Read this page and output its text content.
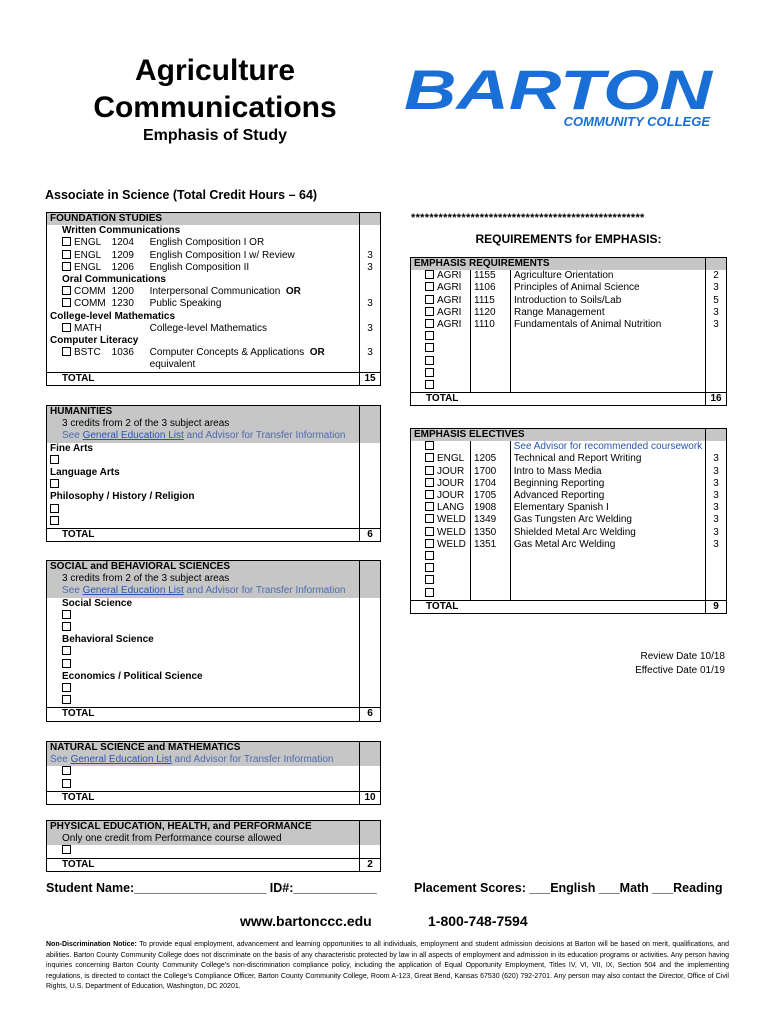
Agriculture
Communications
Emphasis of Study
BARTON
COMMUNITY COLLEGE
Associate in Science (Total Credit Hours – 64)
FOUNDATION STUDIES			
Written Communications			
ENGL	1204	English Composition I OR	
ENGL	1209	English Composition I w/ Review	3
ENGL	1206	English Composition II	3
Oral Communications			
COMM	1200	Interpersonal Communication OR	
COMM	1230	Public Speaking	3
College-level Mathematics			
MATH		College-level Mathematics	3
Computer Literacy			
BSTC	1036	Computer Concepts & Applications OR	3
		equivalent	
TOTAL			15
HUMANITIES	
3 credits from 2 of the 3 subject areas	
See General Education List and Advisor for Transfer Information	
Fine Arts	

Language Arts	

Philosophy / History / Religion	

TOTAL	6
SOCIAL and BEHAVIORAL SCIENCES	
3 credits from 2 of the 3 subject areas	
See General Education List and Advisor for Transfer Information	
Social Science	

Behavioral Science	

Economics / Political Science	

TOTAL	6
NATURAL SCIENCE and MATHEMATICS	
See General Education List and Advisor for Transfer Information	

TOTAL	10
PHYSICAL EDUCATION, HEALTH, and PERFORMANCE	
Only one credit from Performance course allowed	

TOTAL	2
***************************************************
REQUIREMENTS for EMPHASIS:
EMPHASIS REQUIREMENTS			
AGRI	1155	Agriculture Orientation	2
AGRI	1106	Principles of Animal Science	3
AGRI	1115	Introduction to Soils/Lab	5
AGRI	1120	Range Management	3
AGRI	1110	Fundamentals of Animal Nutrition	3

TOTAL			16
EMPHASIS ELECTIVES			
		See Advisor for recommended coursework	
ENGL	1205	Technical and Report Writing	3
JOUR	1700	Intro to Mass Media	3
JOUR	1704	Beginning Reporting	3
JOUR	1705	Advanced Reporting	3
LANG	1908	Elementary Spanish I	3
WELD	1349	Gas Tungsten Arc Welding	3
WELD	1350	Shielded Metal Arc Welding	3
WELD	1351	Gas Metal Arc Welding	3

TOTAL			9
Review Date 10/18
Effective Date 01/19
Student Name:___________________ ID#:____________	Placement Scores: ___English ___Math ___Reading
www.bartonccc.edu	1-800-748-7594
Non-Discrimination Notice: To provide equal employment, advancement and learning opportunities to all individuals, employment and student admission decisions at Barton will be based on merit, qualifications, and abilities. Barton County Community College does not discriminate on the basis of any characteristic protected by law in all aspects of employment and admission in its education programs or activities. Any person having inquiries concerning Barton County Community College’s non-discrimination compliance policy, including the application of Equal Opportunity Employment, Titles IV, VI, VII, IX, Section 504 and the implementing regulations, is directed to contact the College’s Compliance Officer, Barton County Community College, Room A-123, Great Bend, Kansas 67530 (620) 792-2701. Any person may also contact the Director, Office of Civil Rights, U.S. Department of Education, Washington, DC 20201.
